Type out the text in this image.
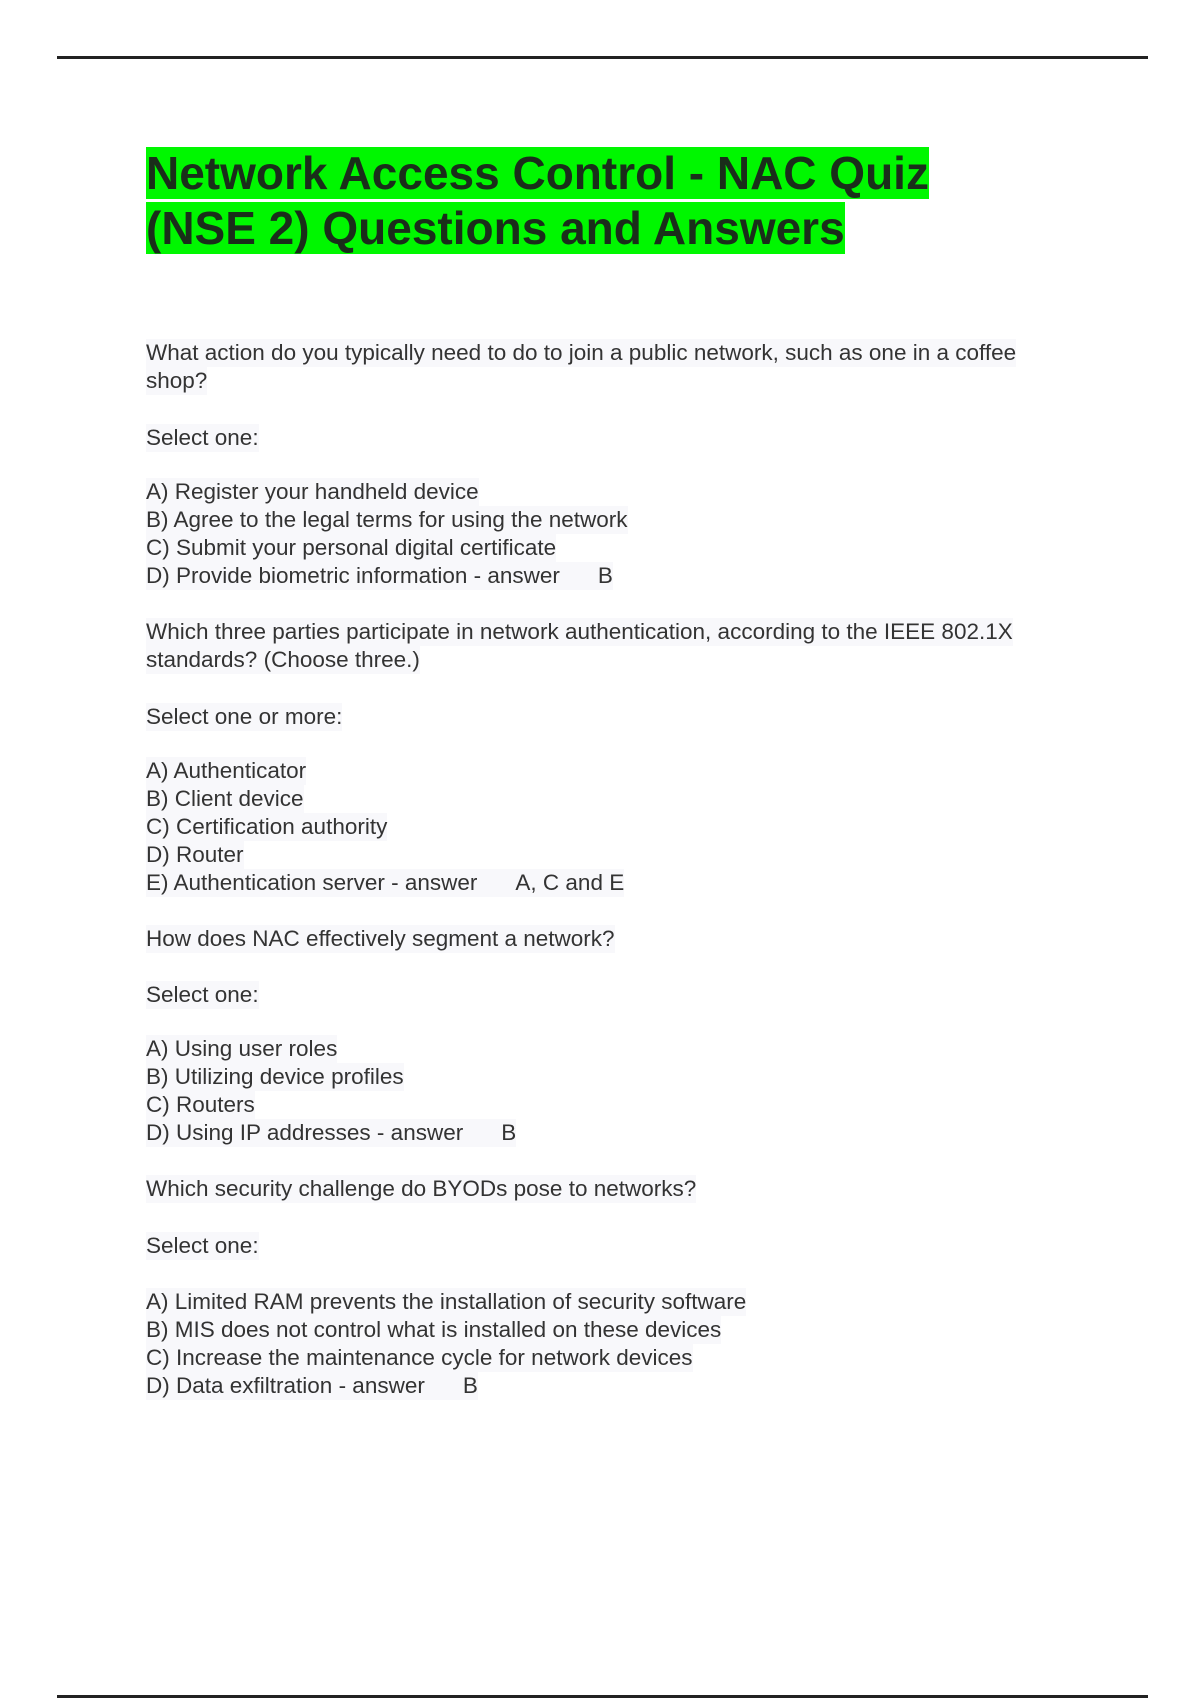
Network Access Control - NAC Quiz
(NSE 2) Questions and Answers
What action do you typically need to do to join a public network, such as one in a coffee
shop?
Select one:
A) Register your handheld device
B) Agree to the legal terms for using the network
C) Submit your personal digital certificate
D) Provide biometric information - answer B
Which three parties participate in network authentication, according to the IEEE 802.1X
standards? (Choose three.)
Select one or more:
A) Authenticator
B) Client device
C) Certification authority
D) Router
E) Authentication server - answer A, C and E
How does NAC effectively segment a network?
Select one:
A) Using user roles
B) Utilizing device profiles
C) Routers
D) Using IP addresses - answer B
Which security challenge do BYODs pose to networks?
Select one:
A) Limited RAM prevents the installation of security software
B) MIS does not control what is installed on these devices
C) Increase the maintenance cycle for network devices
D) Data exfiltration - answer B
